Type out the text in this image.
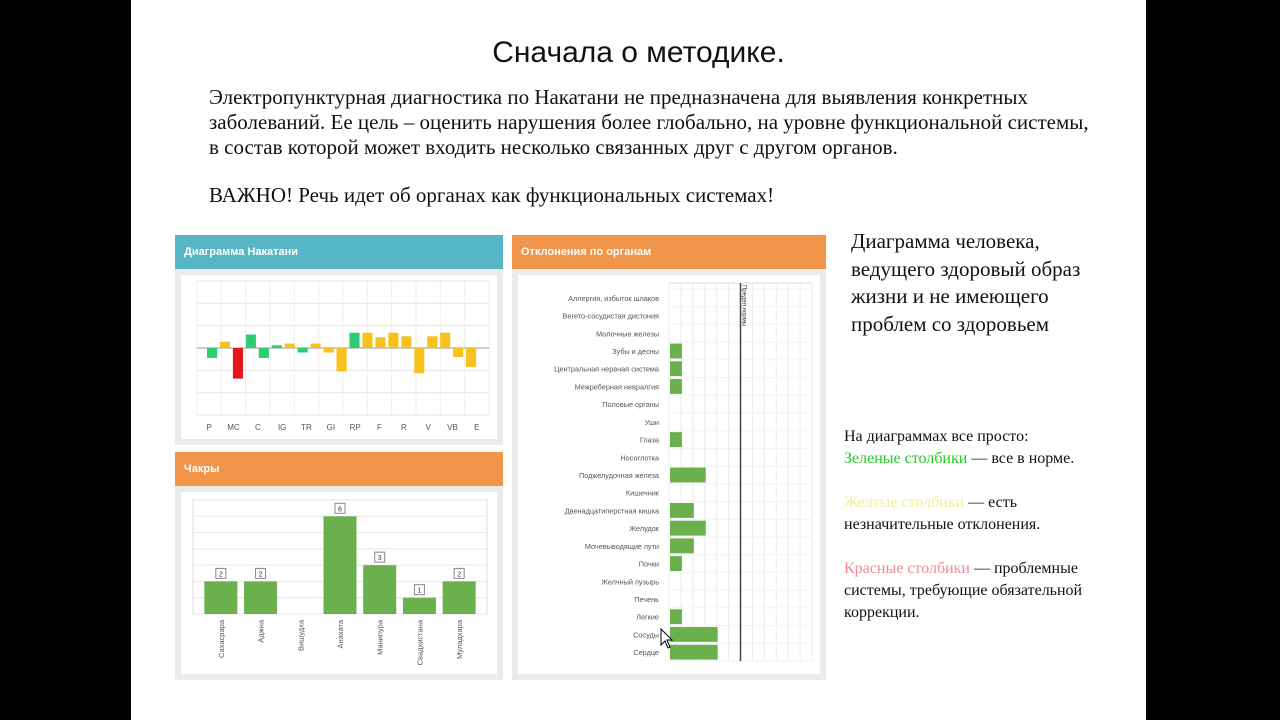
Сначала о методике.

Электропунктурная диагностика по Накатани не предназначена для выявления конкретных заболеваний. Ее цель – оценить нарушения более глобально, на уровне функциональной системы, в состав которой может входить несколько связанных друг с другом органов.

ВАЖНО! Речь идет об органах как функциональных системах!

Диаграмма Накатани
P MC C IG TR GI RP F R V VB E
Чакры
2
Сахасрара
2
Аджна	Вишудха
6
Анахата
3
Манипура
1
Свадхистана
2
Муладхара
Отклонения по органам
Предел нормы
Аллергия, избыток шлаков
Вегето-сосудистая дистония
Молочные железы
Зубы и десны
Центральная нервная система
Межреберная невралгия
Половые органы
Уши
Глаза
Носоглотка
Поджелудочная железа
Кишечник
Двенадцатиперстная кишка
Желудок
Мочевыводящие пути
Почки
Желчный пузырь
Печень
Легкие
Сосуды
Сердце

Диаграмма человека, ведущего здоровый образ жизни и не имеющего проблем со здоровьем

На диаграммах все просто:

Зеленые столбики — все в норме.

Желтые столбики — есть незначительные отклонения.

Красные столбики — проблемные системы, требующие обязательной коррекции.
